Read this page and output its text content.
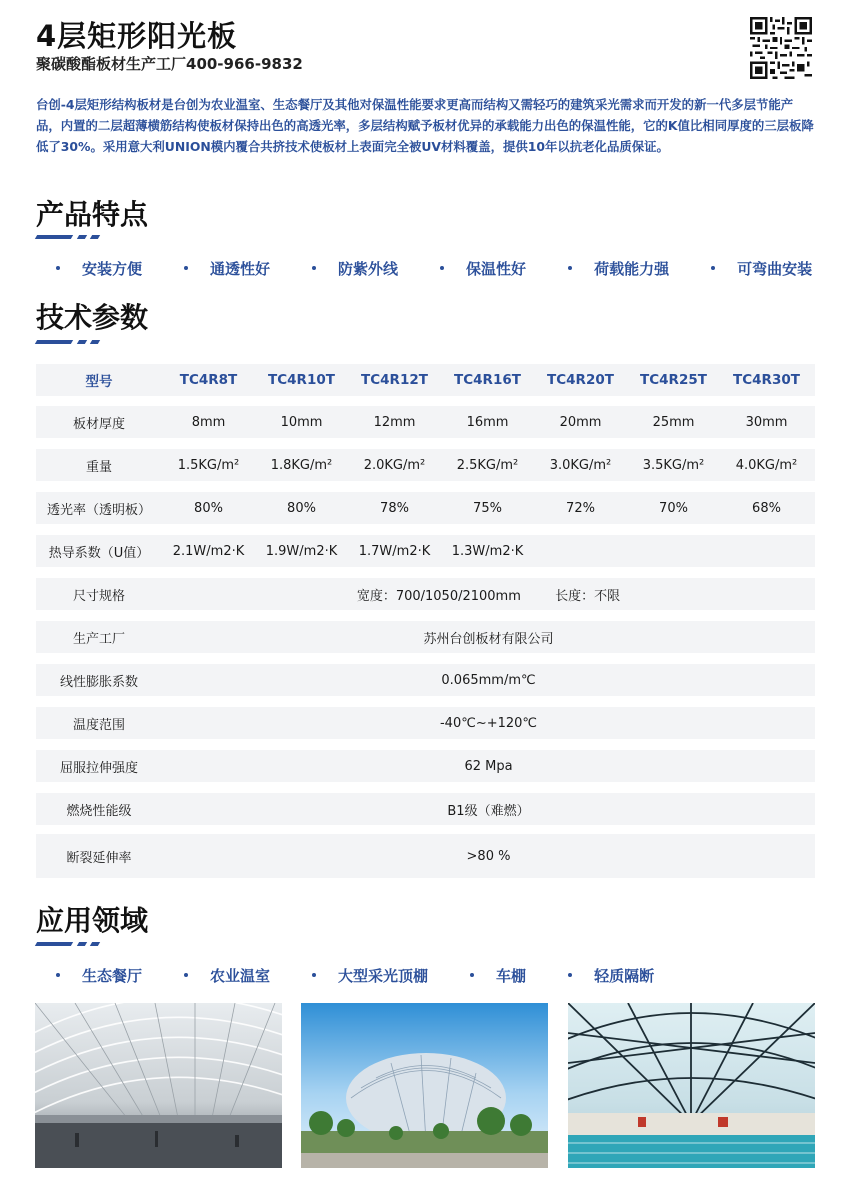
4层矩形阳光板
聚碳酸酯板材生产工厂400-966-9832
台创-4层矩形结构板材是台创为农业温室、生态餐厅及其他对保温性能要求更高而结构又需轻巧的建筑采光需求而开发的新一代多层节能产品，内置的二层超薄横筋结构使板材保持出色的高透光率，多层结构赋予板材优异的承载能力出色的保温性能，它的K值比相同厚度的三层板降低了30%。采用意大利UNION模内覆合共挤技术使板材上表面完全被UV材料覆盖，提供10年以抗老化品质保证。
产品特点
安装方便	通透性好	防紫外线	保温性好	荷载能力强	可弯曲安装
技术参数
型号	TC4R8T	TC4R10T	TC4R12T	TC4R16T	TC4R20T	TC4R25T	TC4R30T
板材厚度	8mm	10mm	12mm	16mm	20mm	25mm	30mm
重量	1.5KG/m²	1.8KG/m²	2.0KG/m²	2.5KG/m²	3.0KG/m²	3.5KG/m²	4.0KG/m²
透光率（透明板）	80%	80%	78%	75%	72%	70%	68%
热导系数（U值）	2.1W/m2·K	1.9W/m2·K	1.7W/m2·K	1.3W/m2·K
尺寸规格	宽度：700/1050/2100mm	长度：不限
生产工厂	苏州台创板材有限公司
线性膨胀系数	0.065mm/m℃
温度范围	-40℃~+120℃
屈服拉伸强度	62 Mpa
燃烧性能级	B1级（难燃）
断裂延伸率	>80 %
应用领域
生态餐厅	农业温室	大型采光顶棚	车棚	轻质隔断
